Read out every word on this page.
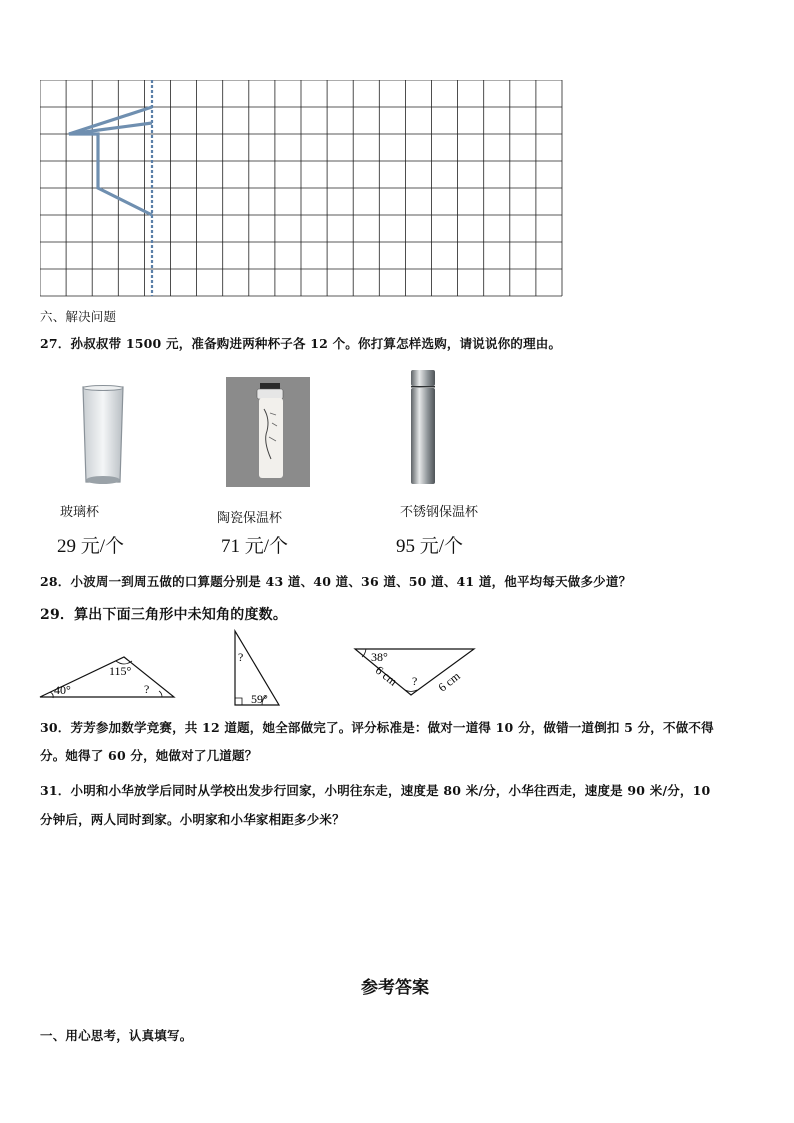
六、解决问题
27．孙叔叔带 1500 元，准备购进两种杯子各 12 个。你打算怎样选购，请说说你的理由。
玻璃杯	陶瓷保温杯	不锈钢保温杯
29 元/个	71 元/个	95 元/个
28．小波周一到周五做的口算题分别是 43 道、40 道、36 道、50 道、41 道，他平均每天做多少道？
29．算出下面三角形中未知角的度数。
115°
40°	?
?
59°
38°
6 cm	6 cm
?
30．芳芳参加数学竞赛，共 12 道题，她全部做完了。评分标准是：做对一道得 10 分，做错一道倒扣 5 分，不做不得
分。她得了 60 分，她做对了几道题？
31．小明和小华放学后同时从学校出发步行回家，小明往东走，速度是 80 米/分，小华往西走，速度是 90 米/分，10
分钟后，两人同时到家。小明家和小华家相距多少米？
参考答案
一、用心思考，认真填写。
